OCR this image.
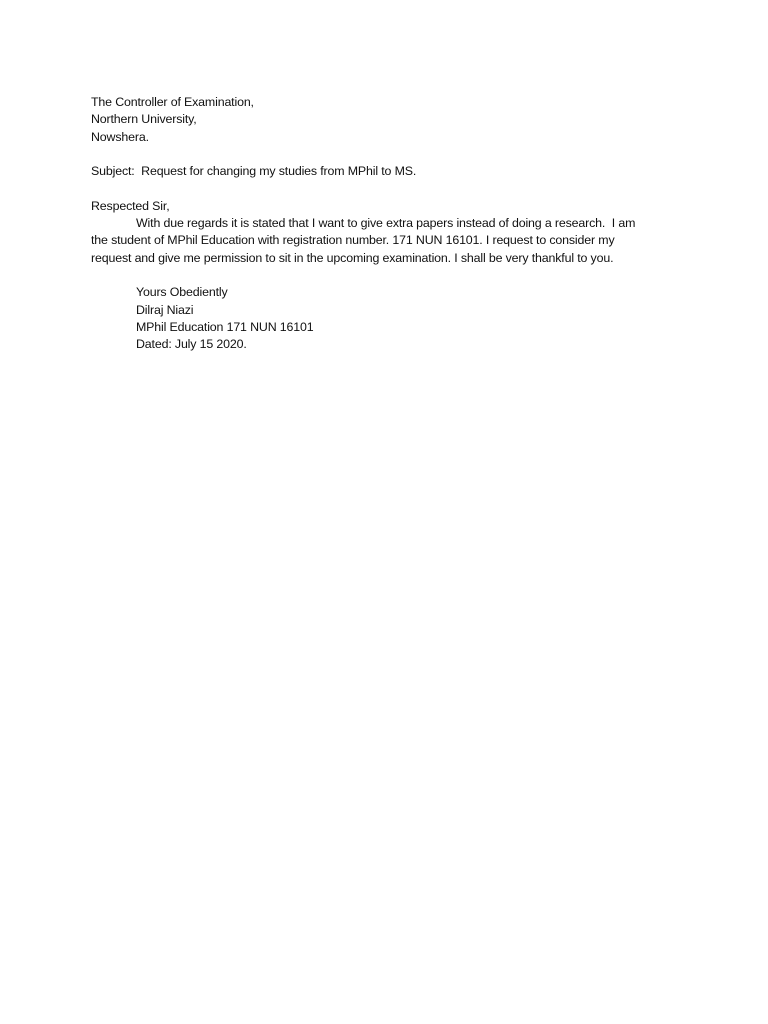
The Controller of Examination,
Northern University,
Nowshera.
Subject:  Request for changing my studies from MPhil to MS.
Respected Sir,
With due regards it is stated that I want to give extra papers instead of doing a research.  I am
the student of MPhil Education with registration number. 171 NUN 16101. I request to consider my
request and give me permission to sit in the upcoming examination. I shall be very thankful to you.
Yours Obediently
Dilraj Niazi
MPhil Education 171 NUN 16101
Dated: July 15 2020.
